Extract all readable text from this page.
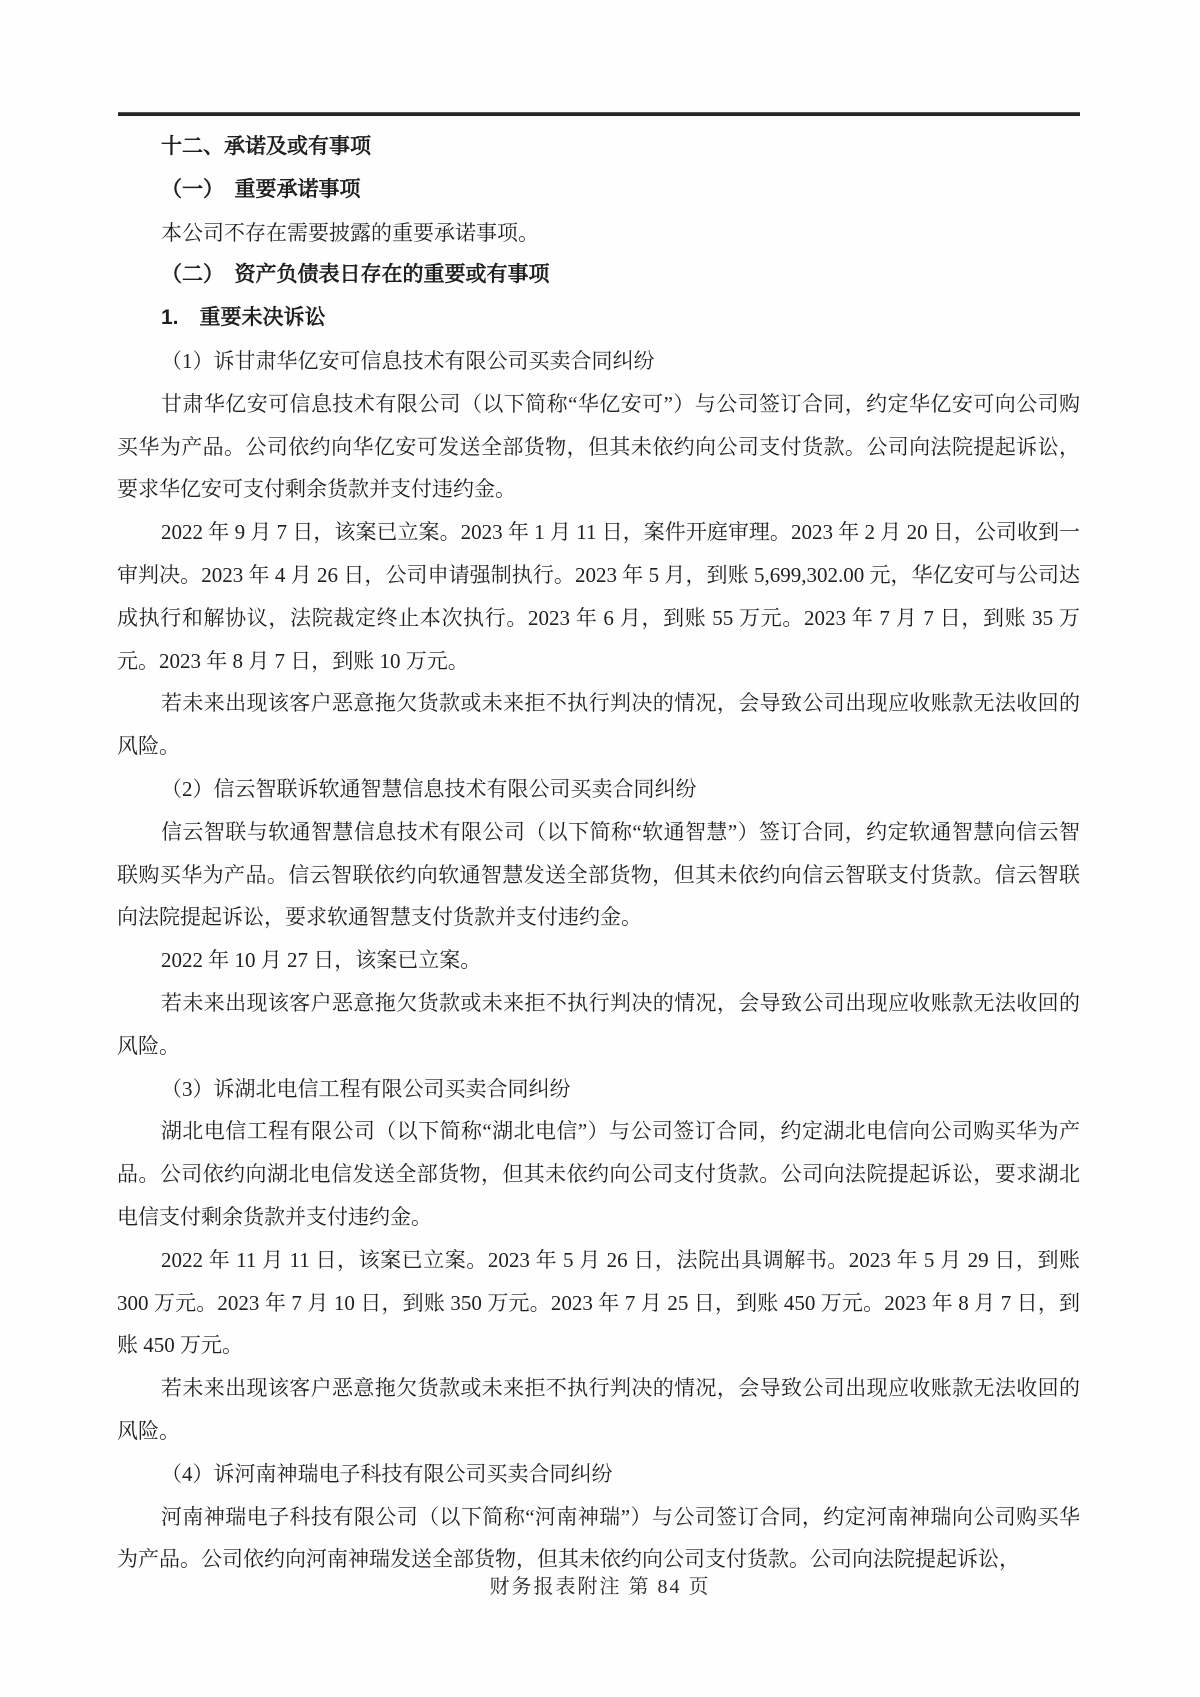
十二、承诺及或有事项
（一）　重要承诺事项

本公司不存在需要披露的重要承诺事项。

（二）　资产负债表日存在的重要或有事项
1.　重要未决诉讼

（1）诉甘肃华亿安可信息技术有限公司买卖合同纠纷

甘肃华亿安可信息技术有限公司（以下简称“华亿安可”）与公司签订合同，约定华亿安可向公司购买华为产品。公司依约向华亿安可发送全部货物，但其未依约向公司支付货款。公司向法院提起诉讼，要求华亿安可支付剩余货款并支付违约金。

2022 年 9 月 7 日，该案已立案。2023 年 1 月 11 日，案件开庭审理。2023 年 2 月 20 日，公司收到一审判决。2023 年 4 月 26 日，公司申请强制执行。2023 年 5 月，到账 5,699,302.00 元，华亿安可与公司达成执行和解协议，法院裁定终止本次执行。2023 年 6 月，到账 55 万元。2023 年 7 月 7 日，到账 35 万元。2023 年 8 月 7 日，到账 10 万元。

若未来出现该客户恶意拖欠货款或未来拒不执行判决的情况，会导致公司出现应收账款无法收回的风险。

（2）信云智联诉软通智慧信息技术有限公司买卖合同纠纷

信云智联与软通智慧信息技术有限公司（以下简称“软通智慧”）签订合同，约定软通智慧向信云智联购买华为产品。信云智联依约向软通智慧发送全部货物，但其未依约向信云智联支付货款。信云智联向法院提起诉讼，要求软通智慧支付货款并支付违约金。

2022 年 10 月 27 日，该案已立案。

若未来出现该客户恶意拖欠货款或未来拒不执行判决的情况，会导致公司出现应收账款无法收回的风险。

（3）诉湖北电信工程有限公司买卖合同纠纷

湖北电信工程有限公司（以下简称“湖北电信”）与公司签订合同，约定湖北电信向公司购买华为产品。公司依约向湖北电信发送全部货物，但其未依约向公司支付货款。公司向法院提起诉讼，要求湖北电信支付剩余货款并支付违约金。

2022 年 11 月 11 日，该案已立案。2023 年 5 月 26 日，法院出具调解书。2023 年 5 月 29 日，到账 300 万元。2023 年 7 月 10 日，到账 350 万元。2023 年 7 月 25 日，到账 450 万元。2023 年 8 月 7 日，到账 450 万元。

若未来出现该客户恶意拖欠货款或未来拒不执行判决的情况，会导致公司出现应收账款无法收回的风险。

（4）诉河南神瑞电子科技有限公司买卖合同纠纷

河南神瑞电子科技有限公司（以下简称“河南神瑞”）与公司签订合同，约定河南神瑞向公司购买华为产品。公司依约向河南神瑞发送全部货物，但其未依约向公司支付货款。公司向法院提起诉讼，

财务报表附注 第 84 页
